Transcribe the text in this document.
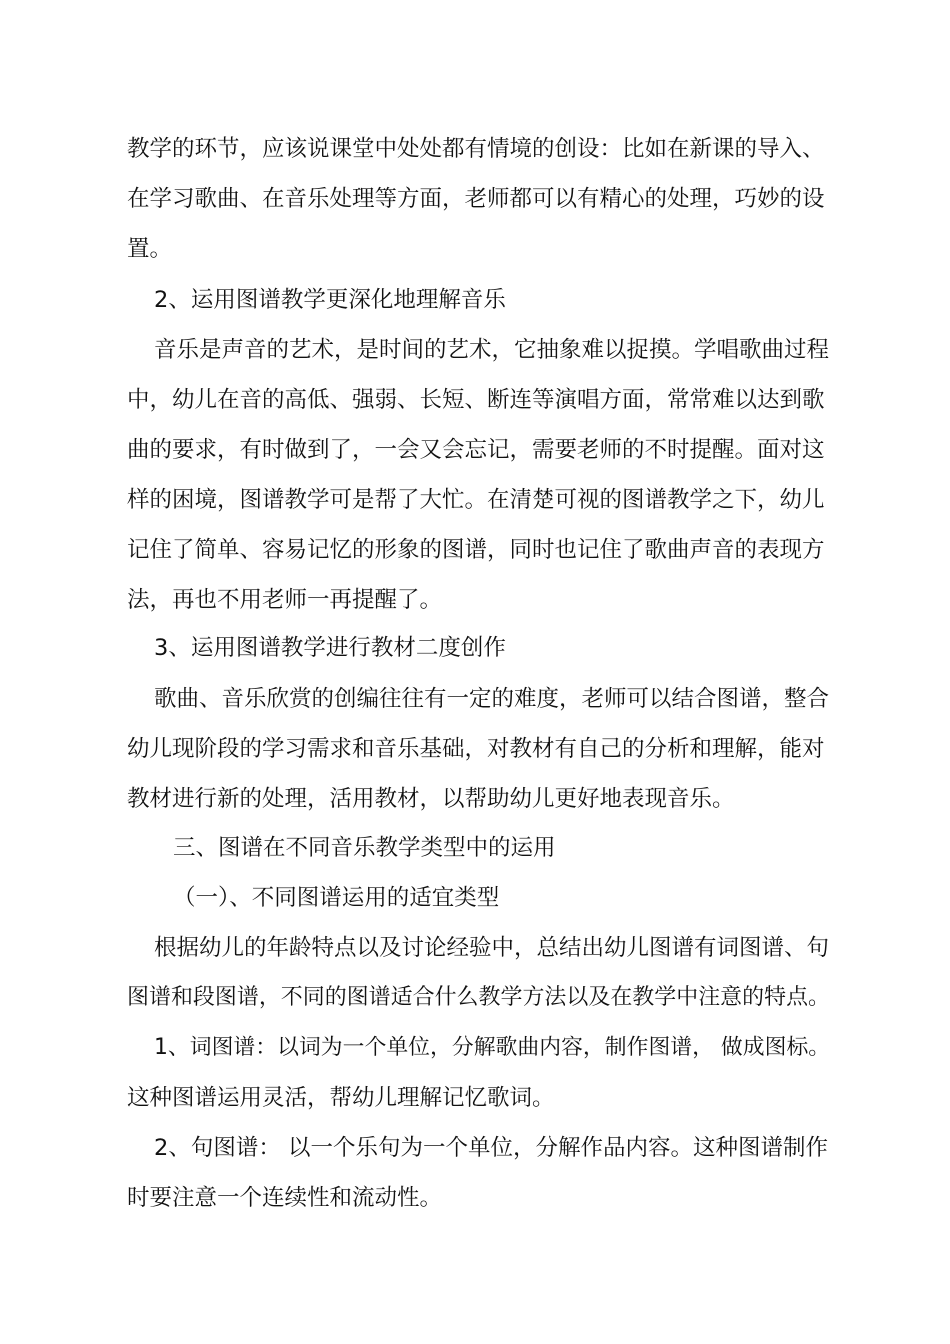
教学的环节，应该说课堂中处处都有情境的创设：比如在新课的导入、
在学习歌曲、在音乐处理等方面，老师都可以有精心的处理，巧妙的设
置。
2、运用图谱教学更深化地理解音乐
音乐是声音的艺术，是时间的艺术，它抽象难以捉摸。学唱歌曲过程
中，幼儿在音的高低、强弱、长短、断连等演唱方面，常常难以达到歌
曲的要求，有时做到了，一会又会忘记，需要老师的不时提醒。面对这
样的困境，图谱教学可是帮了大忙。在清楚可视的图谱教学之下，幼儿
记住了简单、容易记忆的形象的图谱，同时也记住了歌曲声音的表现方
法，再也不用老师一再提醒了。
3、运用图谱教学进行教材二度创作
歌曲、音乐欣赏的创编往往有一定的难度，老师可以结合图谱，整合
幼儿现阶段的学习需求和音乐基础，对教材有自己的分析和理解，能对
教材进行新的处理，活用教材，以帮助幼儿更好地表现音乐。
三、图谱在不同音乐教学类型中的运用
（一）、不同图谱运用的适宜类型
根据幼儿的年龄特点以及讨论经验中，总结出幼儿图谱有词图谱、句
图谱和段图谱，不同的图谱适合什么教学方法以及在教学中注意的特点。
1、词图谱：以词为一个单位，分解歌曲内容，制作图谱， 做成图标。
这种图谱运用灵活，帮幼儿理解记忆歌词。
2、句图谱： 以一个乐句为一个单位，分解作品内容。这种图谱制作
时要注意一个连续性和流动性。
